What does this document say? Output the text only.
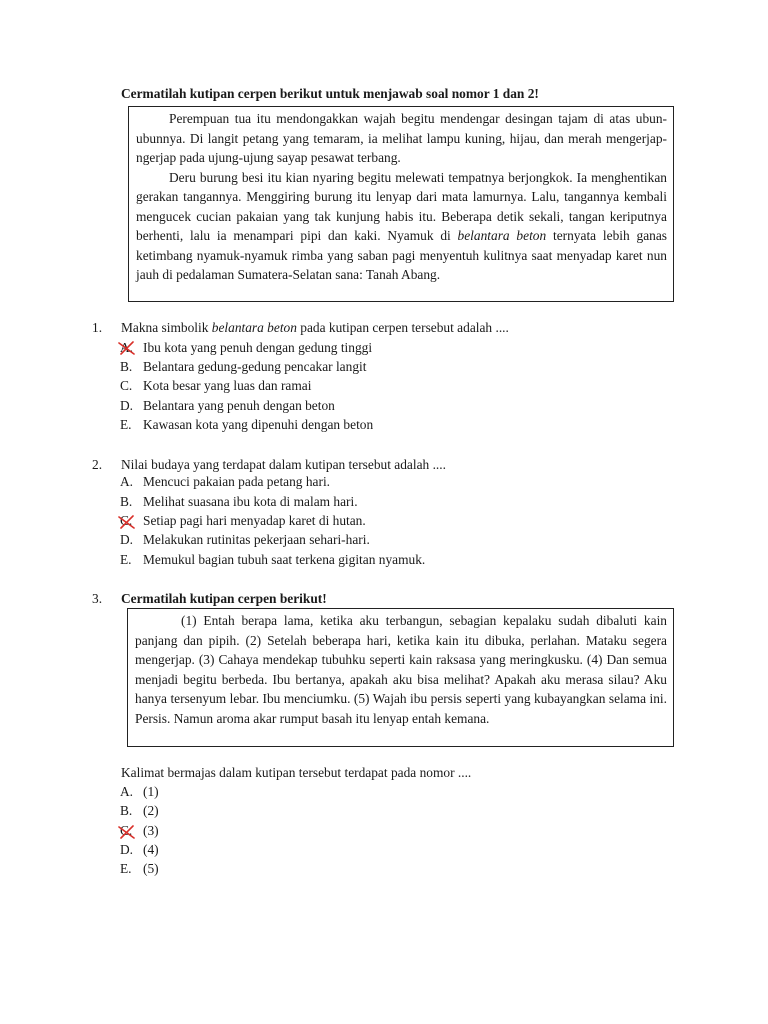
Cermatilah kutipan cerpen berikut untuk menjawab soal nomor 1 dan 2!

Perempuan tua itu mendongakkan wajah begitu mendengar desingan tajam di atas ubun-ubunnya. Di langit petang yang temaram, ia melihat lampu kuning, hijau, dan merah mengerjap-ngerjap pada ujung-ujung sayap pesawat terbang.

Deru burung besi itu kian nyaring begitu melewati tempatnya berjongkok. Ia menghentikan gerakan tangannya. Menggiring burung itu lenyap dari mata lamurnya. Lalu, tangannya kembali mengucek cucian pakaian yang tak kunjung habis itu. Beberapa detik sekali, tangan keriputnya berhenti, lalu ia menampari pipi dan kaki. Nyamuk di belantara beton ternyata lebih ganas ketimbang nyamuk-nyamuk rimba yang saban pagi menyentuh kulitnya saat menyadap karet nun jauh di pedalaman Sumatera-Selatan sana: Tanah Abang.

1. Makna simbolik belantara beton pada kutipan cerpen tersebut adalah ....
A. Ibu kota yang penuh dengan gedung tinggi
B. Belantara gedung-gedung pencakar langit
C. Kota besar yang luas dan ramai
D. Belantara yang penuh dengan beton
E. Kawasan kota yang dipenuhi dengan beton
2. Nilai budaya yang terdapat dalam kutipan tersebut adalah ....
A. Mencuci pakaian pada petang hari.
B. Melihat suasana ibu kota di malam hari.
C. Setiap pagi hari menyadap karet di hutan.
D. Melakukan rutinitas pekerjaan sehari-hari.
E. Memukul bagian tubuh saat terkena gigitan nyamuk.
3. Cermatilah kutipan cerpen berikut!

(1) Entah berapa lama, ketika aku terbangun, sebagian kepalaku sudah dibaluti kain panjang dan pipih. (2) Setelah beberapa hari, ketika kain itu dibuka, perlahan. Mataku segera mengerjap. (3) Cahaya mendekap tubuhku seperti kain raksasa yang meringkusku. (4) Dan semua menjadi begitu berbeda. Ibu bertanya, apakah aku bisa melihat? Apakah aku merasa silau? Aku hanya tersenyum lebar. Ibu menciumku. (5) Wajah ibu persis seperti yang kubayangkan selama ini. Persis. Namun aroma akar rumput basah itu lenyap entah kemana.

Kalimat bermajas dalam kutipan tersebut terdapat pada nomor ....
A. (1)
B. (2)
C. (3)
D. (4)
E. (5)
